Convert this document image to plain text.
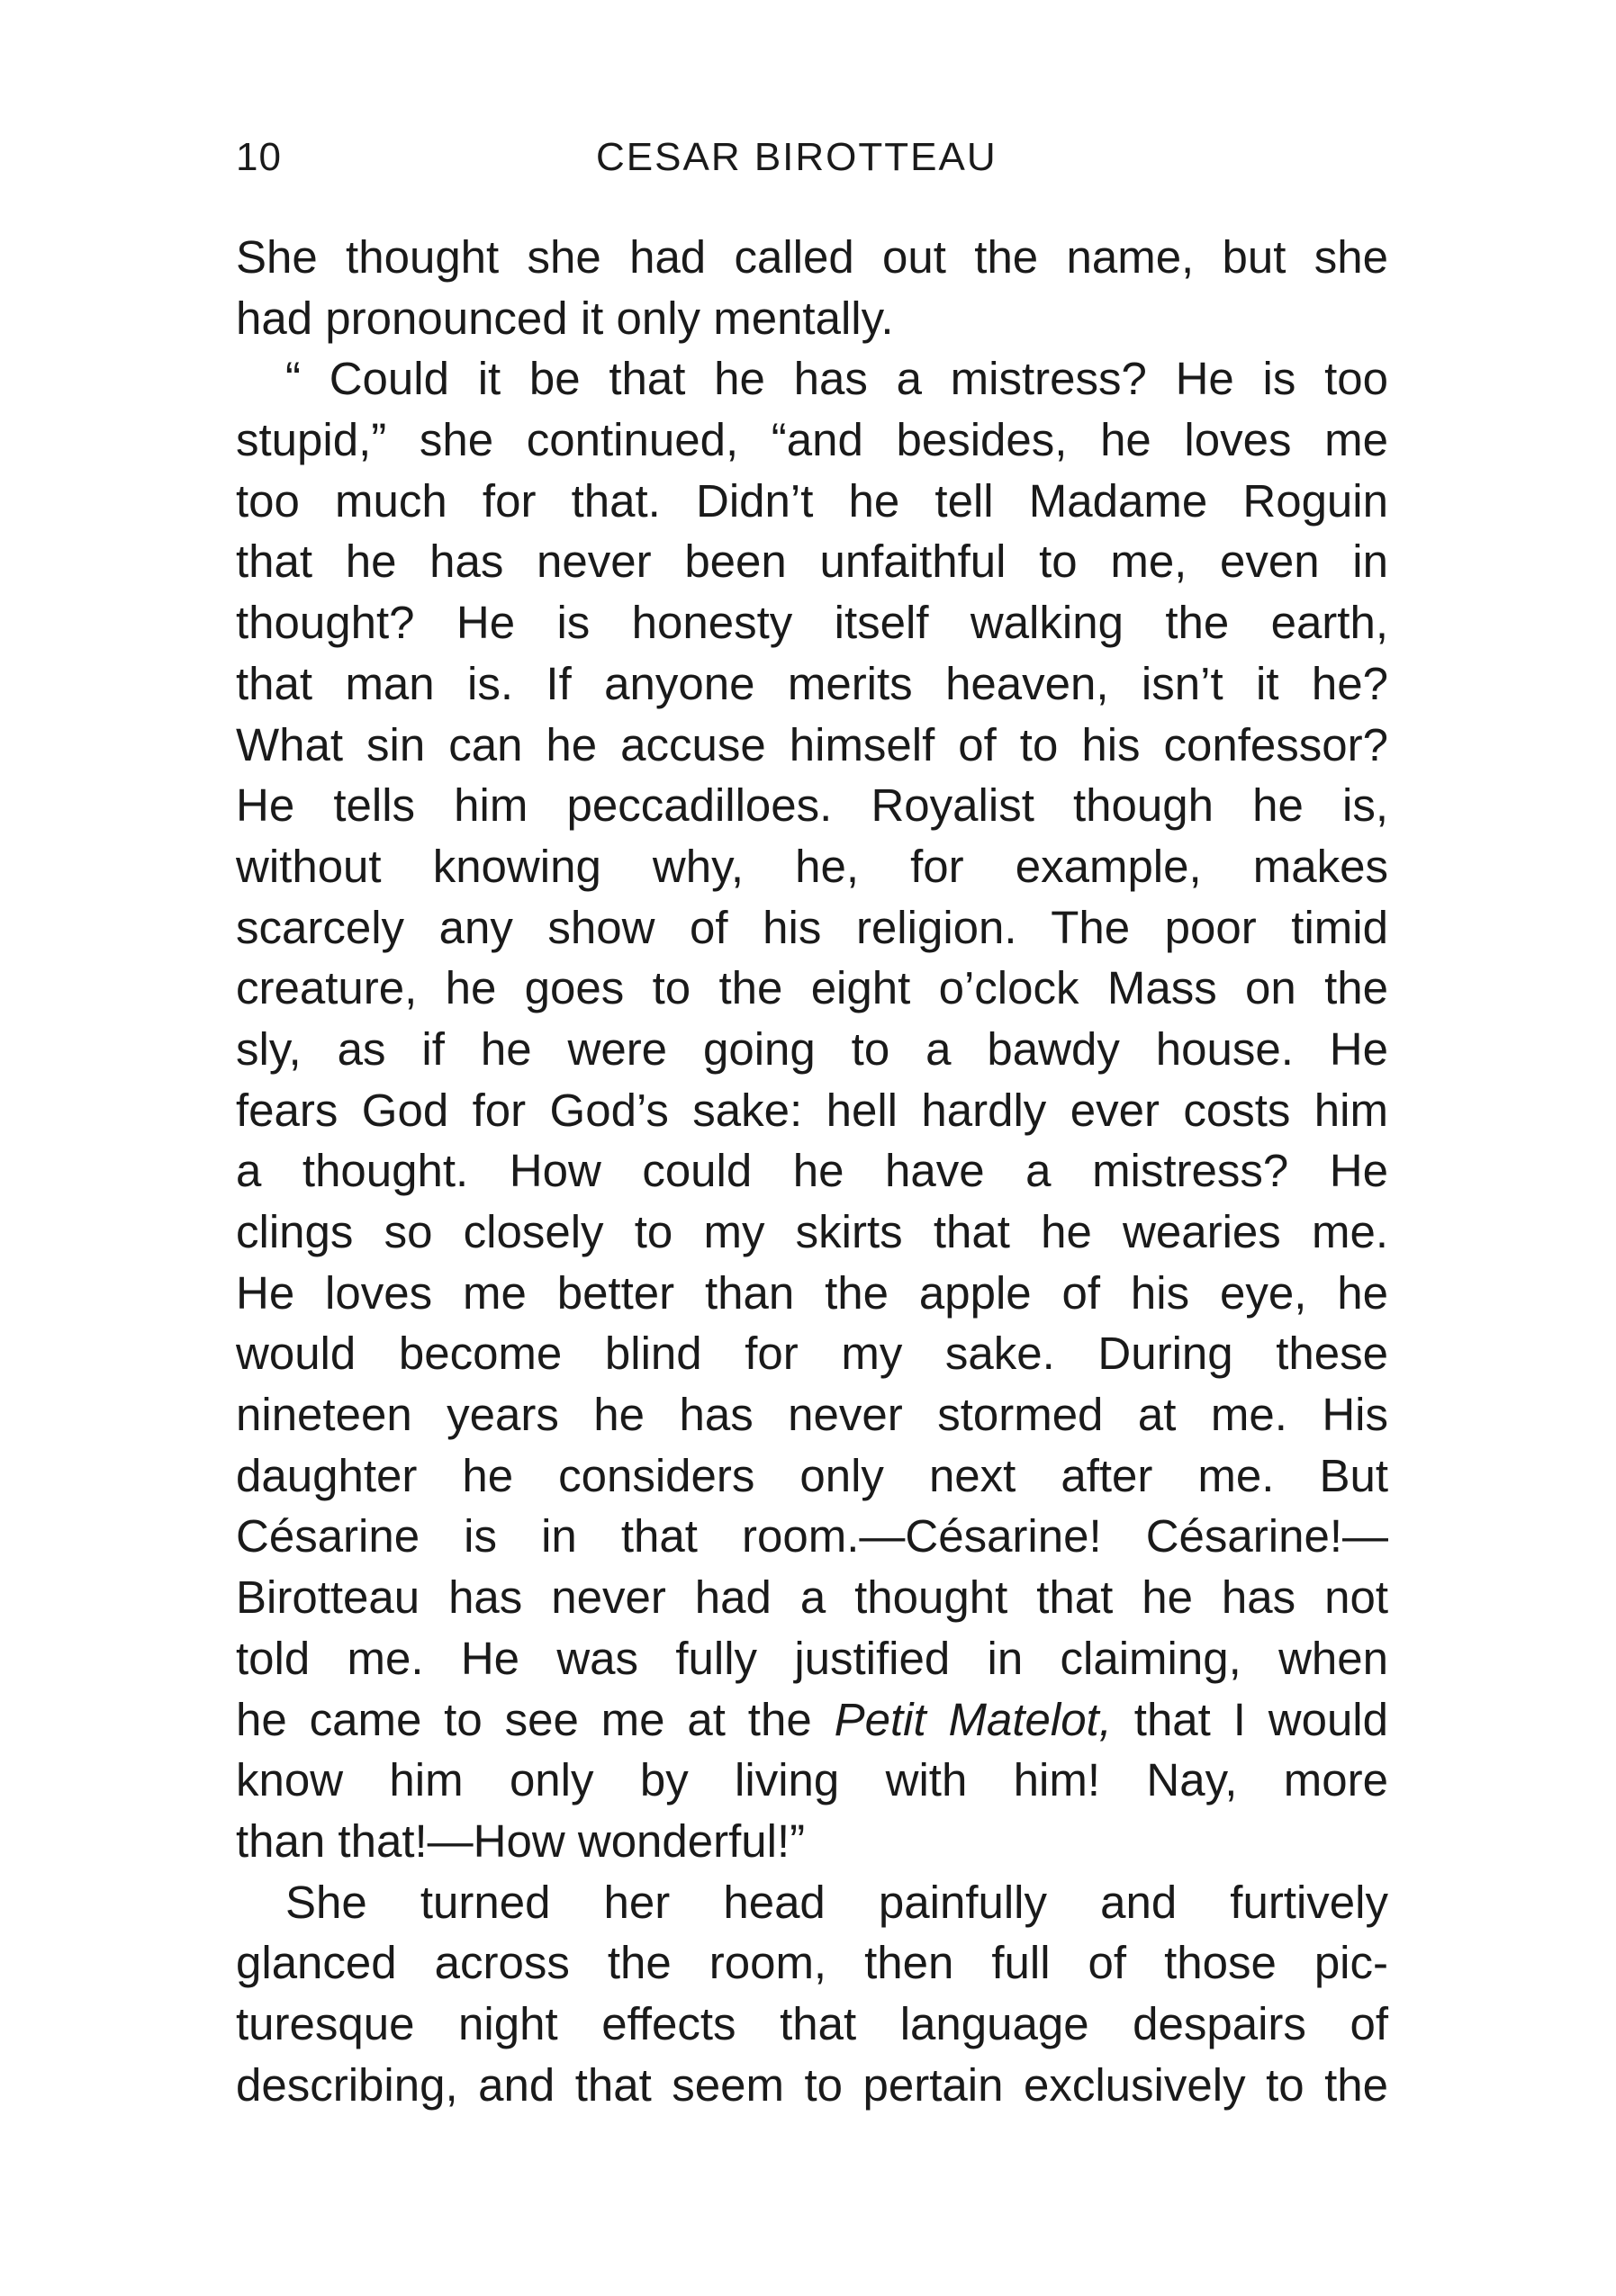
10	CESAR BIROTTEAU
She thought she had called out the name, but she
had pronounced it only mentally.
“ Could it be that he has a mistress? He is too
stupid,” she continued, “and besides, he loves me
too much for that. Didn’t he tell Madame Roguin
that he has never been unfaithful to me, even in
thought? He is honesty itself walking the earth,
that man is. If anyone merits heaven, isn’t it he?
What sin can he accuse himself of to his confessor?
He tells him peccadilloes. Royalist though he is,
without knowing why, he, for example, makes
scarcely any show of his religion. The poor timid
creature, he goes to the eight o’clock Mass on the
sly, as if he were going to a bawdy house. He
fears God for God’s sake: hell hardly ever costs him
a thought. How could he have a mistress? He
clings so closely to my skirts that he wearies me.
He loves me better than the apple of his eye, he
would become blind for my sake. During these
nineteen years he has never stormed at me. His
daughter he considers only next after me. But
Césarine is in that room.—Césarine! Césarine!—
Birotteau has never had a thought that he has not
told me. He was fully justified in claiming, when
he came to see me at the Petit Matelot, that I would
know him only by living with him! Nay, more
than that!—How wonderful!”
She turned her head painfully and furtively
glanced across the room, then full of those pic-
turesque night effects that language despairs of
describing, and that seem to pertain exclusively to the
